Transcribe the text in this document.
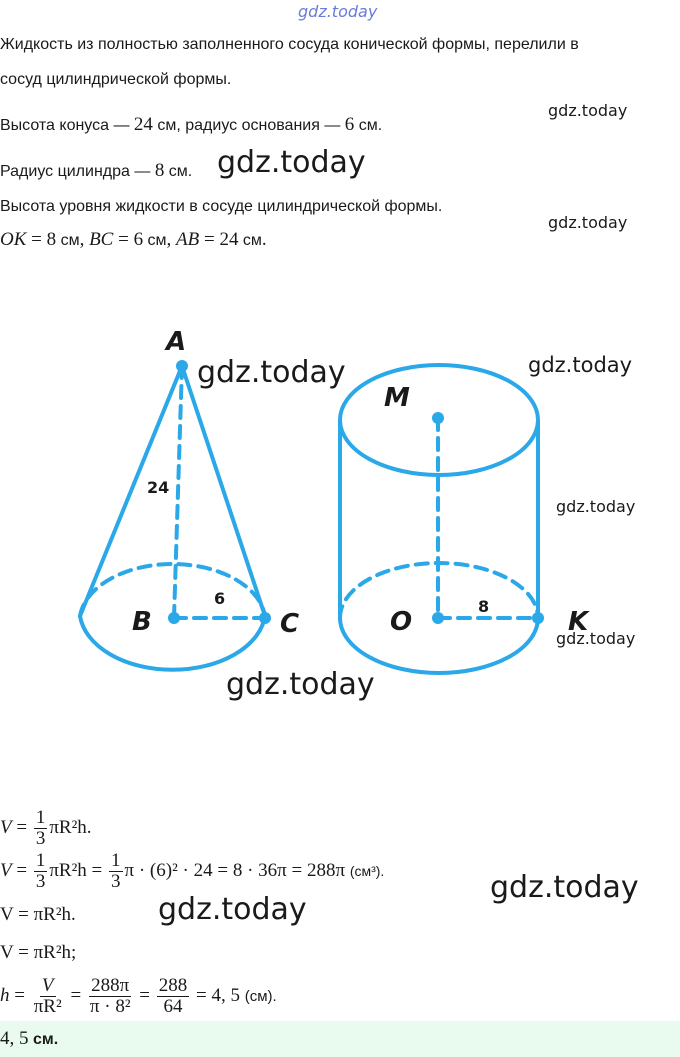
gdz.today
Жидкость из полностью заполненного сосуда конической формы, перелили в
сосуд цилиндрической формы.
Высота конуса — 24 см, радиус основания — 6 см.
gdz.today
Радиус цилиндра — 8 см. gdz.today
Высота уровня жидкости в сосуде цилиндрической формы.
gdz.today
OK = 8 см, BC = 6 см, AB = 24 см.
A
B	C
M
O	K
24
6	8
gdz.today	gdz.today
gdz.today
gdz.today
gdz.today
$V = \frac{1}{3} \pi R^2h$.
$V = \frac{1}{3} \pi R^2h = \frac{1}{3}$ π · (6)² · 24 = 8 · 36π = 288π (см³).	gdz.today
V = πR²h.	gdz.today
V = πR²h;
$h = \frac{V}{\text{πR²}} = \frac{288\pi}{\text{π · 8²}} = \frac{288}{64} = 4$, 5 (см).
4, 5 см.
